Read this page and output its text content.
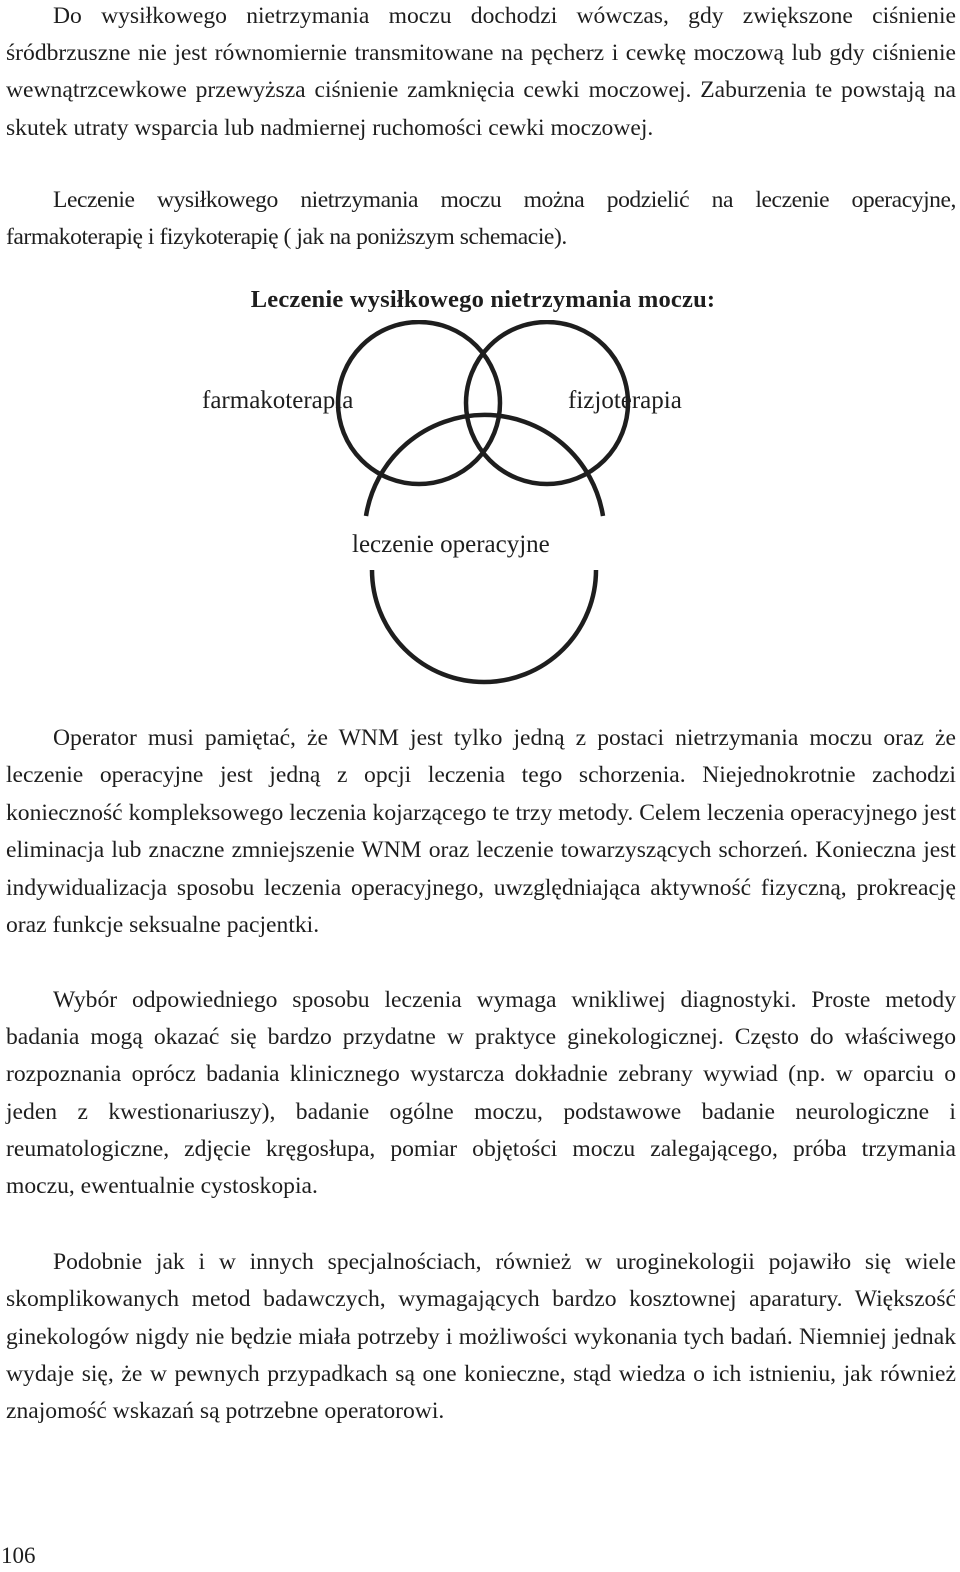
Do wysiłkowego nietrzymania moczu dochodzi wówczas, gdy zwiększone ciśnienie śródbrzuszne nie jest równomiernie transmitowane na pęcherz i cewkę moczową lub gdy ciśnienie wewnątrzcewkowe przewyższa ciśnienie zamknięcia cewki moczowej. Zaburzenia te powstają na skutek utraty wsparcia lub nadmiernej ruchomości cewki moczowej.

Leczenie wysiłkowego nietrzymania moczu można podzielić na leczenie operacyjne, farmakoterapię i fizykoterapię ( jak na poniższym schemacie).

Leczenie wysiłkowego nietrzymania moczu:
farmakoterapia	fizjoterapia
leczenie operacyjne

Operator musi pamiętać, że WNM jest tylko jedną z postaci nietrzymania moczu oraz że leczenie operacyjne jest jedną z opcji leczenia tego schorzenia. Niejednokrotnie zachodzi konieczność kompleksowego leczenia kojarzącego te trzy metody. Celem leczenia operacyjnego jest eliminacja lub znaczne zmniejszenie WNM oraz leczenie towarzyszących schorzeń. Konieczna jest indywidualizacja sposobu leczenia operacyjnego, uwzględniająca aktywność fizyczną, prokreację oraz funkcje seksualne pacjentki.

Wybór odpowiedniego sposobu leczenia wymaga wnikliwej diagnostyki. Proste metody badania mogą okazać się bardzo przydatne w praktyce ginekologicznej. Często do właściwego rozpoznania oprócz badania klinicznego wystarcza dokładnie zebrany wywiad (np. w oparciu o jeden z kwestionariuszy), badanie ogólne moczu, podstawowe badanie neurologiczne i reumatologiczne, zdjęcie kręgosłupa, pomiar objętości moczu zalegającego, próba trzymania moczu, ewentualnie cystoskopia.

Podobnie jak i w innych specjalnościach, również w uroginekologii pojawiło się wiele skomplikowanych metod badawczych, wymagających bardzo kosztownej aparatury. Większość ginekologów nigdy nie będzie miała potrzeby i możliwości wykonania tych badań. Niemniej jednak wydaje się, że w pewnych przypadkach są one konieczne, stąd wiedza o ich istnieniu, jak również znajomość wskazań są potrzebne operatorowi.

106
